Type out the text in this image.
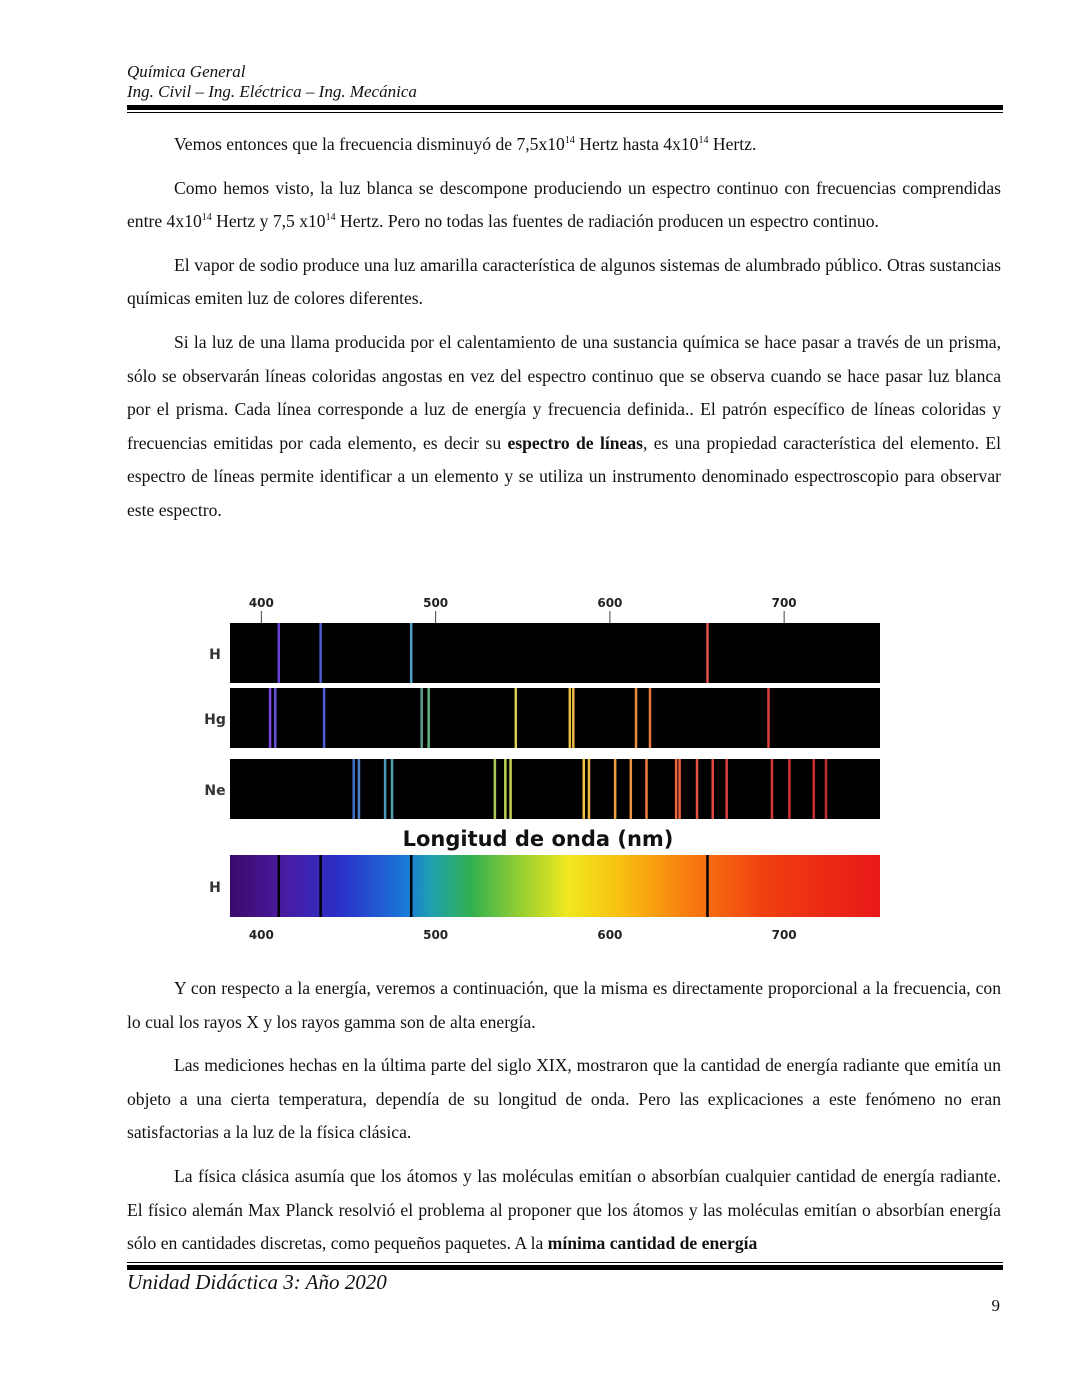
Química General
Ing. Civil – Ing. Eléctrica – Ing. Mecánica

Vemos entonces que la frecuencia disminuyó de $7,5x10^{14}$ Hertz hasta $4x10^{14}$ Hertz.

Como hemos visto, la luz blanca se descompone produciendo un espectro continuo con frecuencias comprendidas entre $4x10^{14}$ Hertz y 7,5 $x10^{14}$ Hertz. Pero no todas las fuentes de radiación producen un espectro continuo.

El vapor de sodio produce una luz amarilla característica de algunos sistemas de alumbrado público. Otras sustancias químicas emiten luz de colores diferentes.

Si la luz de una llama producida por el calentamiento de una sustancia química se hace pasar a través de un prisma, sólo se observarán líneas coloridas angostas en vez del espectro continuo que se observa cuando se hace pasar luz blanca por el prisma. Cada línea corresponde a luz de energía y frecuencia definida.. El patrón específico de líneas coloridas y frecuencias emitidas por cada elemento, es decir su espectro de líneas, es una propiedad característica del elemento. El espectro de líneas permite identificar a un elemento y se utiliza un instrumento denominado espectroscopio para observar este espectro.

400	500	600	700
H
Hg
Ne
H
Longitud de onda (nm)
400	500	600	700

Y con respecto a la energía, veremos a continuación, que la misma es directamente proporcional a la frecuencia, con lo cual los rayos X y los rayos gamma son de alta energía.

Las mediciones hechas en la última parte del siglo XIX, mostraron que la cantidad de energía radiante que emitía un objeto a una cierta temperatura, dependía de su longitud de onda. Pero las explicaciones a este fenómeno no eran satisfactorias a la luz de la física clásica.

La física clásica asumía que los átomos y las moléculas emitían o absorbían cualquier cantidad de energía radiante. El físico alemán Max Planck resolvió el problema al proponer que los átomos y las moléculas emitían o absorbían energía sólo en cantidades discretas, como pequeños paquetes. A la mínima cantidad de energía

Unidad Didáctica 3: Año 2020
9
